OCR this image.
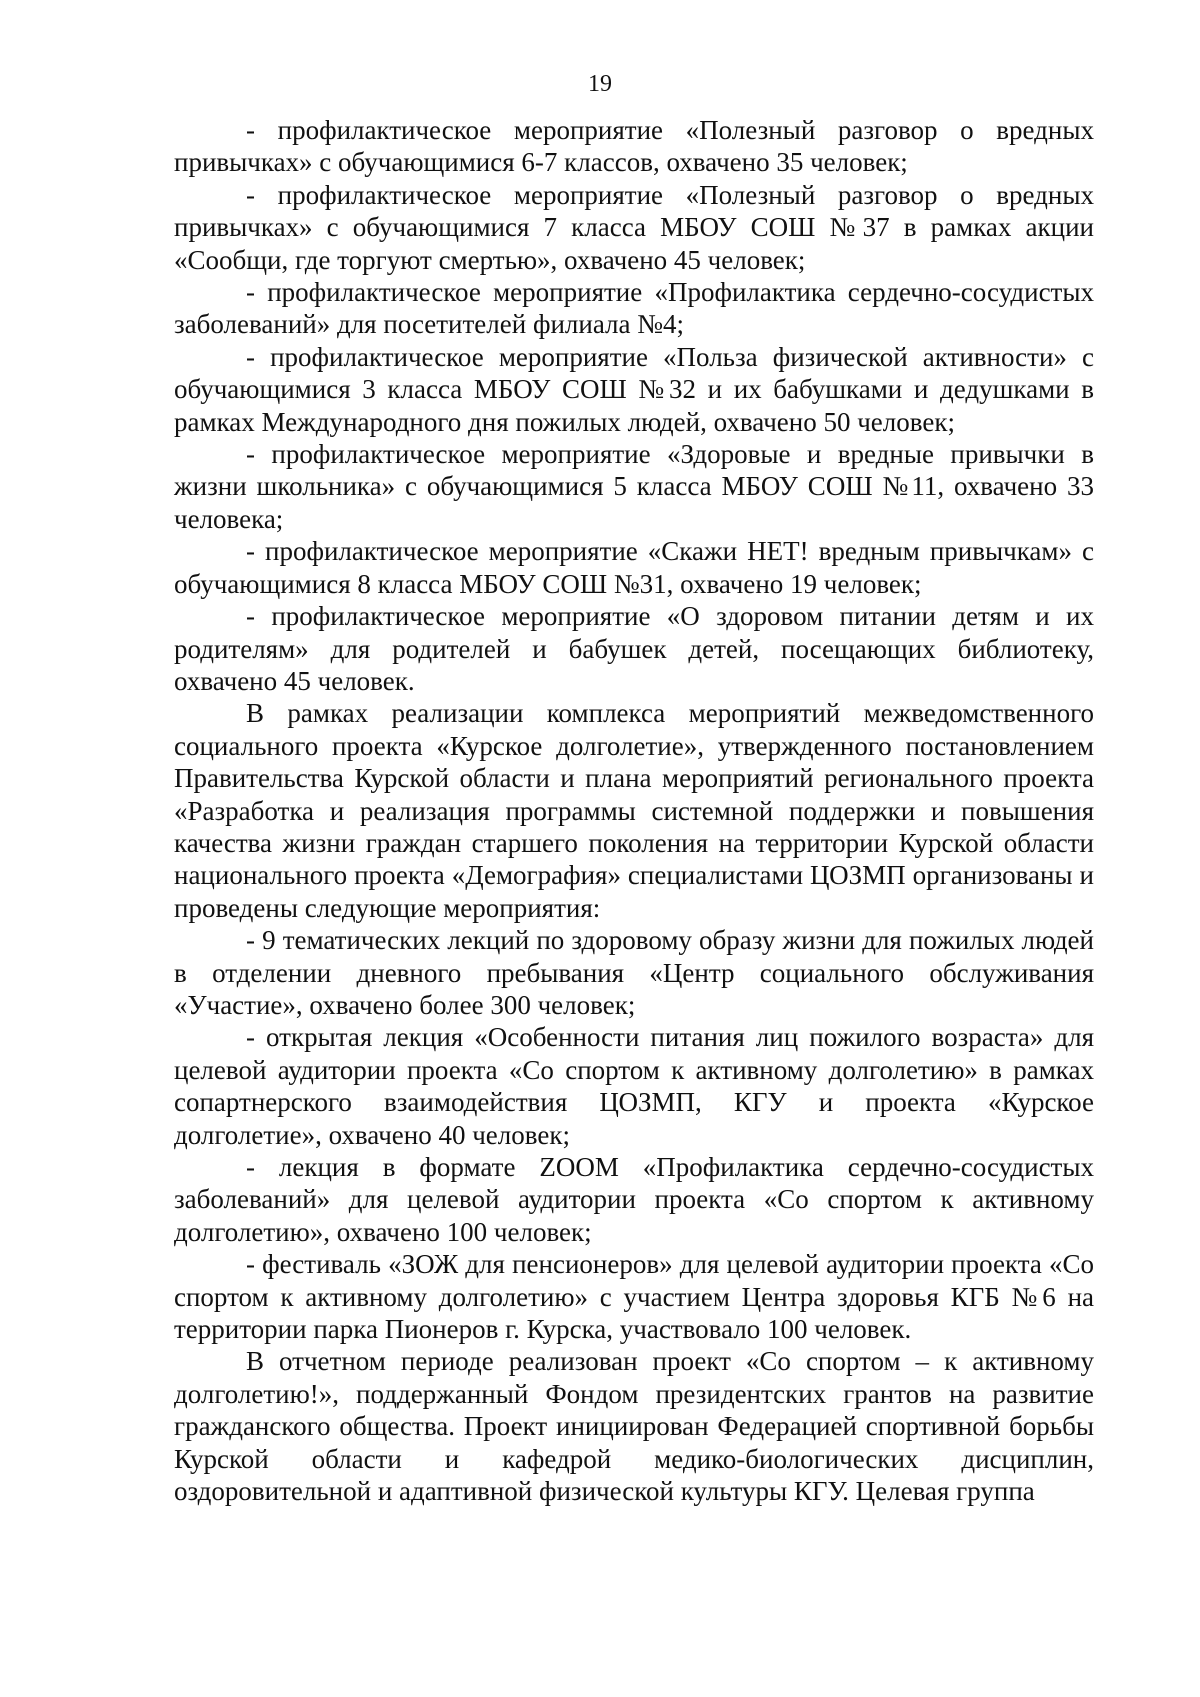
19

- профилактическое мероприятие «Полезный разговор о вредных привычках» с обучающимися 6-7 классов, охвачено 35 человек;

- профилактическое мероприятие «Полезный разговор о вредных привычках» с обучающимися 7 класса МБОУ СОШ №37 в рамках акции «Сообщи, где торгуют смертью», охвачено 45 человек;

- профилактическое мероприятие «Профилактика сердечно-сосудистых заболеваний» для посетителей филиала №4;

- профилактическое мероприятие «Польза физической активности» с обучающимися 3 класса МБОУ СОШ №32 и их бабушками и дедушками в рамках Международного дня пожилых людей, охвачено 50 человек;

- профилактическое мероприятие «Здоровые и вредные привычки в жизни школьника» с обучающимися 5 класса МБОУ СОШ №11, охвачено 33 человека;

- профилактическое мероприятие «Скажи НЕТ! вредным привычкам» с обучающимися 8 класса МБОУ СОШ №31, охвачено 19 человек;

- профилактическое мероприятие «О здоровом питании детям и их родителям» для родителей и бабушек детей, посещающих библиотеку, охвачено 45 человек.

В рамках реализации комплекса мероприятий межведомственного социального проекта «Курское долголетие», утвержденного постановлением Правительства Курской области и плана мероприятий регионального проекта «Разработка и реализация программы системной поддержки и повышения качества жизни граждан старшего поколения на территории Курской области национального проекта «Демография» специалистами ЦОЗМП организованы и проведены следующие мероприятия:

- 9 тематических лекций по здоровому образу жизни для пожилых людей в отделении дневного пребывания «Центр социального обслуживания «Участие», охвачено более 300 человек;

- открытая лекция «Особенности питания лиц пожилого возраста» для целевой аудитории проекта «Со спортом к активному долголетию» в рамках сопартнерского взаимодействия ЦОЗМП, КГУ и проекта «Курское долголетие», охвачено 40 человек;

- лекция в формате ZOOM «Профилактика сердечно-сосудистых заболеваний» для целевой аудитории проекта «Со спортом к активному долголетию», охвачено 100 человек;

- фестиваль «ЗОЖ для пенсионеров» для целевой аудитории проекта «Со спортом к активному долголетию» с участием Центра здоровья КГБ №6 на территории парка Пионеров г. Курска, участвовало 100 человек.

В отчетном периоде реализован проект «Со спортом – к активному долголетию!», поддержанный Фондом президентских грантов на развитие гражданского общества. Проект инициирован Федерацией спортивной борьбы Курской области и кафедрой медико-биологических дисциплин, оздоровительной и адаптивной физической культуры КГУ. Целевая группа
